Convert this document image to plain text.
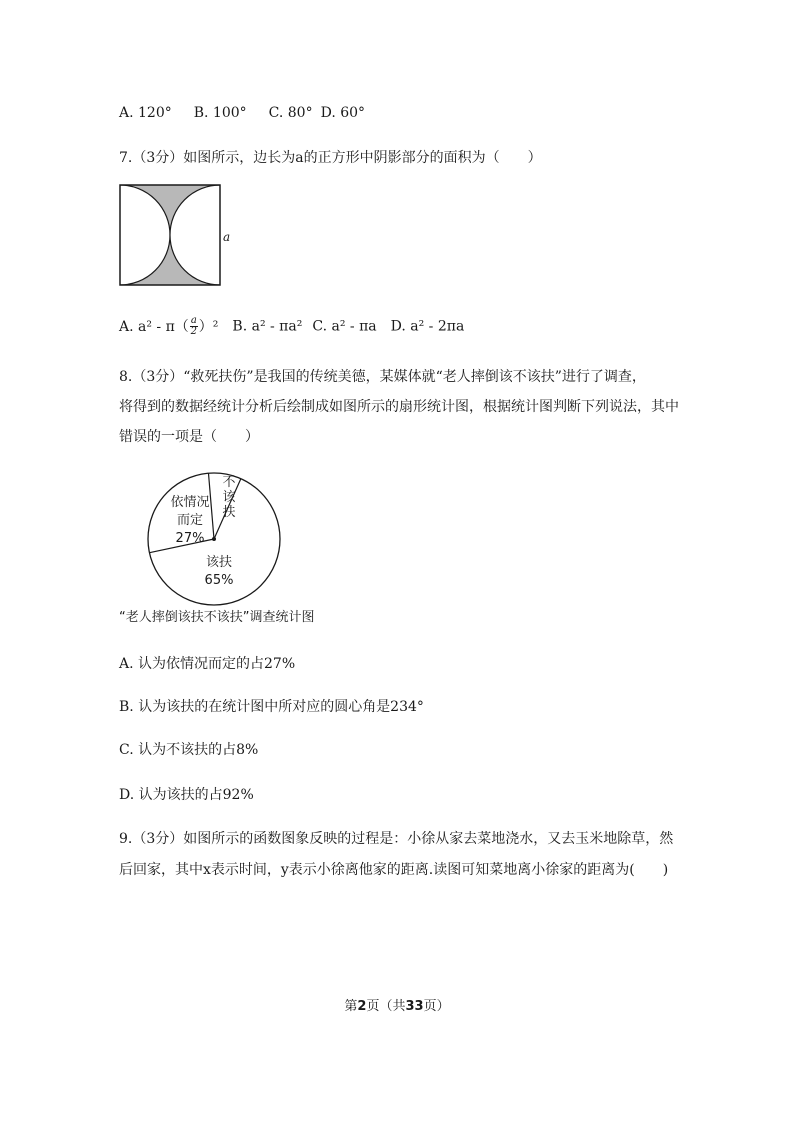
A. 120° B. 100° C. 80° D. 60°
7.（3分）如图所示，边长为a的正方形中阴影部分的面积为（　　）
a
A. $a^2 - \pi( \frac{a}{2} )^2$ B. a² - πa² C. a² - πa D. a² - 2πa
8.（3分）“救死扶伤”是我国的传统美德，某媒体就“老人摔倒该不该扶”进行了调查，
将得到的数据经统计分析后绘制成如图所示的扇形统计图，根据统计图判断下列说法，其中
错误的一项是（　　）
依情况
而定
27%
不
该
扶
该扶
65%
“老人摔倒该扶不该扶”调查统计图
A. 认为依情况而定的占27%
B. 认为该扶的在统计图中所对应的圆心角是234°
C. 认为不该扶的占8%
D. 认为该扶的占92%
9.（3分）如图所示的函数图象反映的过程是：小徐从家去菜地浇水，又去玉米地除草，然
后回家，其中x表示时间，y表示小徐离他家的距离.读图可知菜地离小徐家的距离为(　　)
第2页（共33页）
